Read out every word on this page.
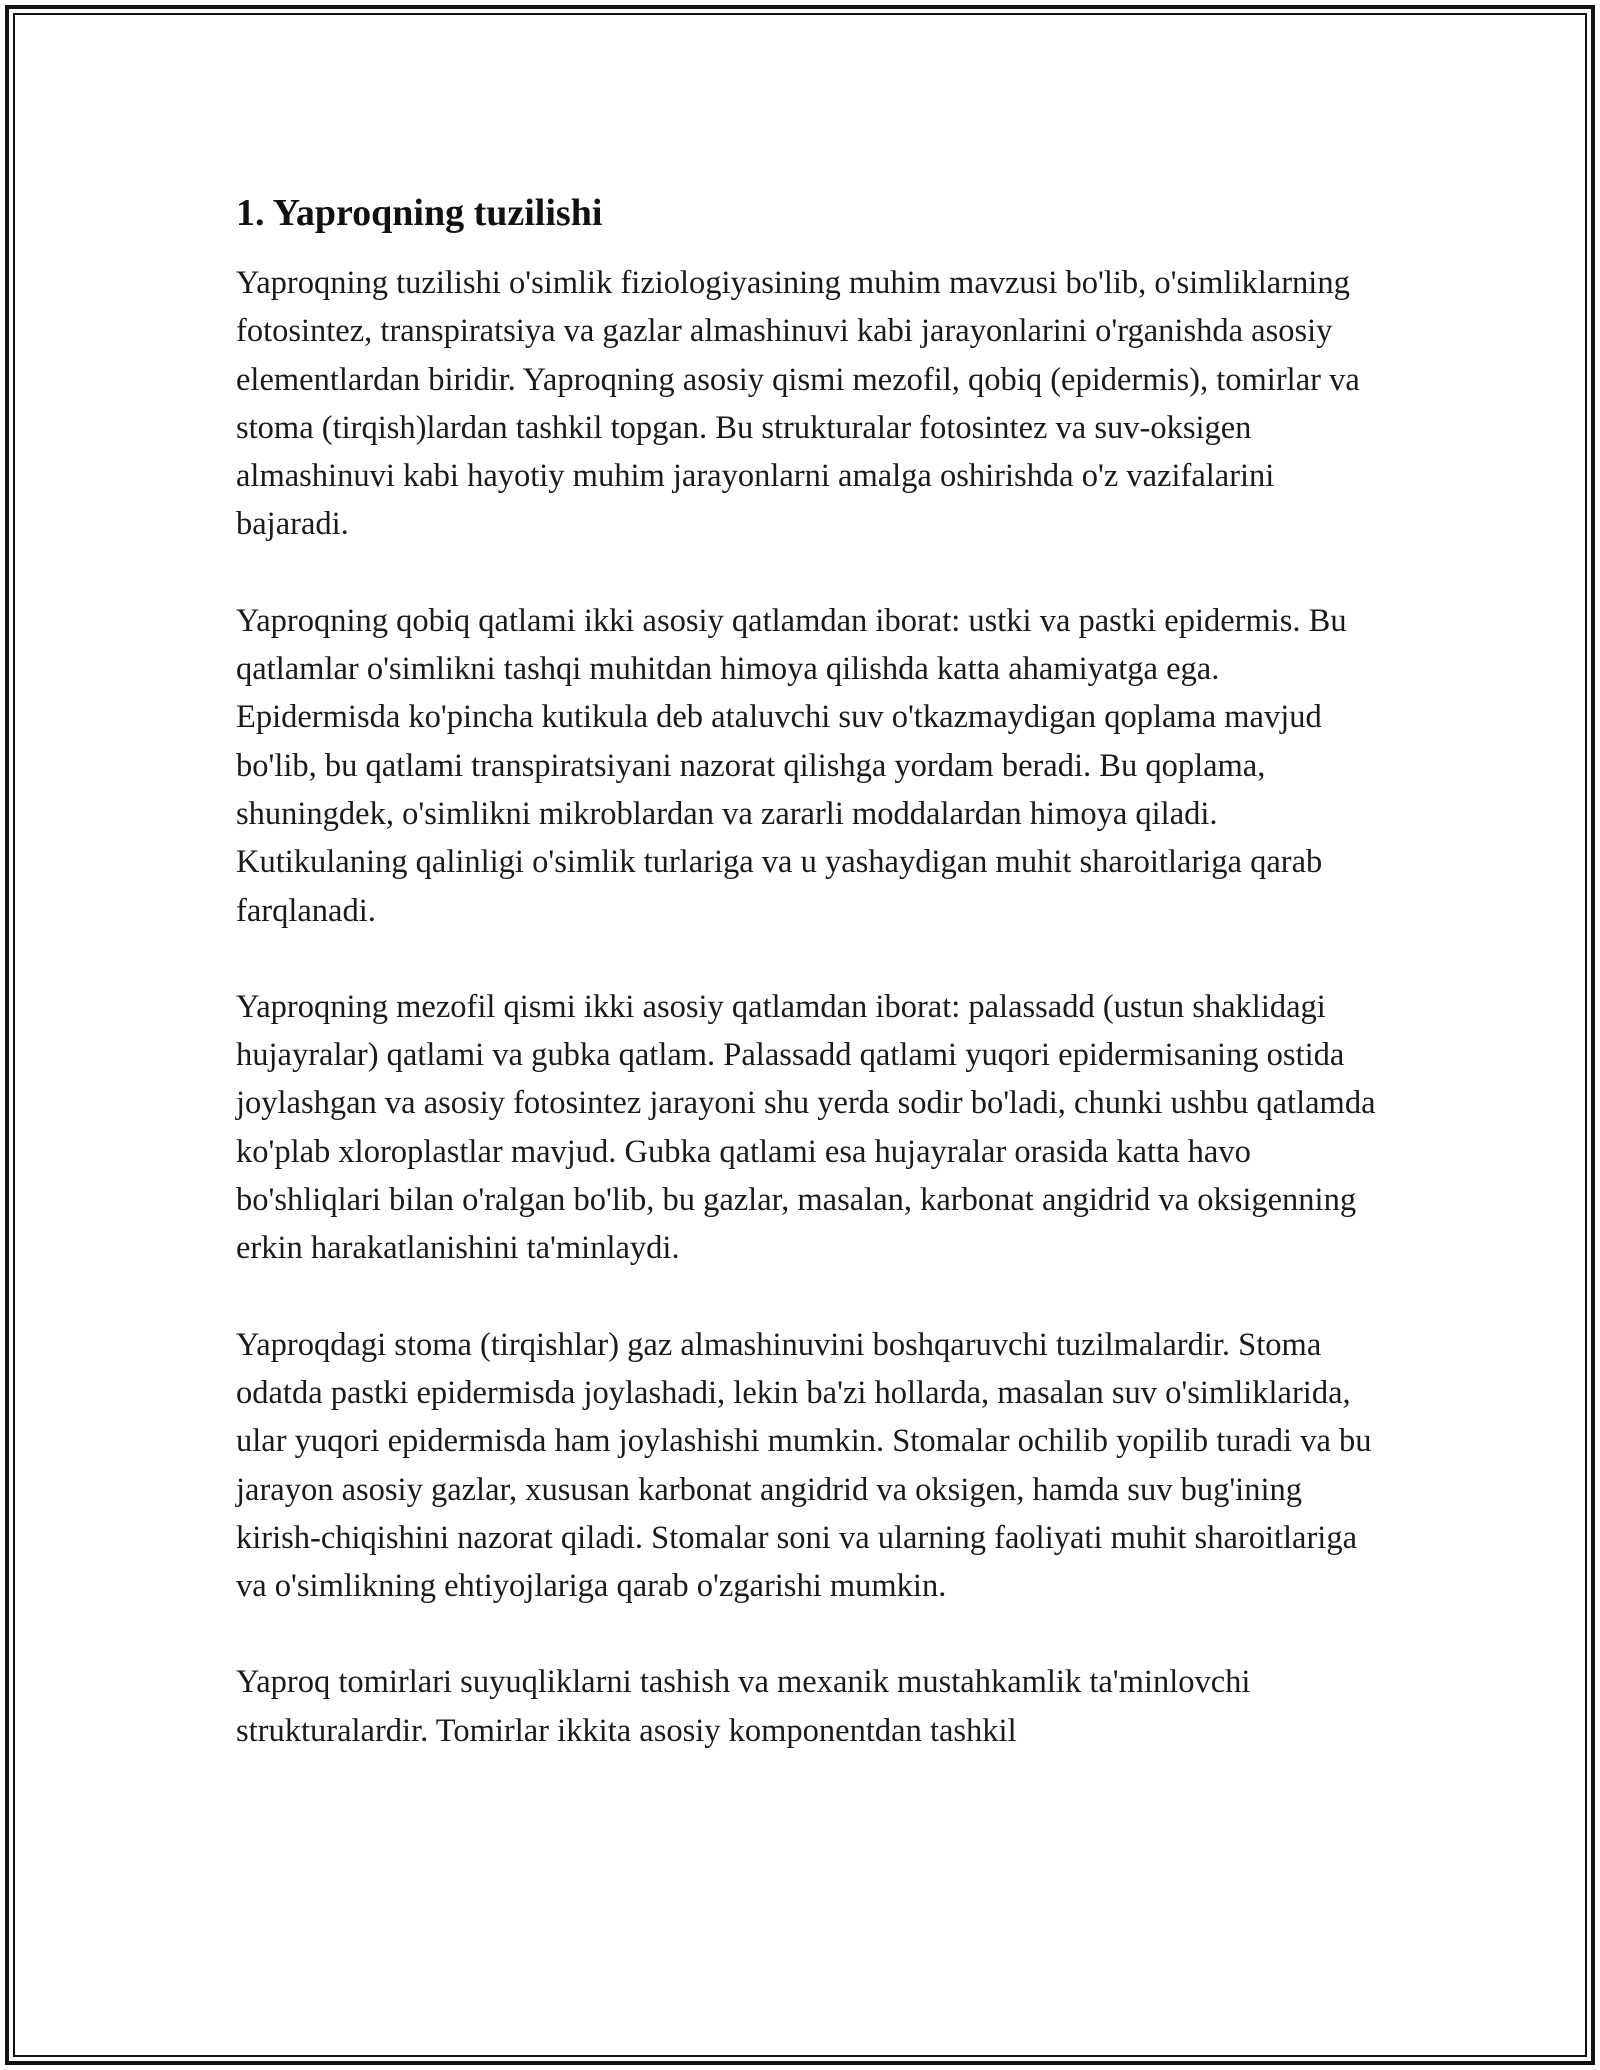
1. Yaproqning tuzilishi

Yaproqning tuzilishi o'simlik fiziologiyasining muhim mavzusi bo'lib, o'simliklarning fotosintez, transpiratsiya va gazlar almashinuvi kabi jarayonlarini o'rganishda asosiy elementlardan biridir. Yaproqning asosiy qismi mezofil, qobiq (epidermis), tomirlar va stoma (tirqish)lardan tashkil topgan. Bu strukturalar fotosintez va suv-oksigen almashinuvi kabi hayotiy muhim jarayonlarni amalga oshirishda o'z vazifalarini bajaradi.

Yaproqning qobiq qatlami ikki asosiy qatlamdan iborat: ustki va pastki epidermis. Bu qatlamlar o'simlikni tashqi muhitdan himoya qilishda katta ahamiyatga ega. Epidermisda ko'pincha kutikula deb ataluvchi suv o'tkazmaydigan qoplama mavjud bo'lib, bu qatlami transpiratsiyani nazorat qilishga yordam beradi. Bu qoplama, shuningdek, o'simlikni mikroblardan va zararli moddalardan himoya qiladi. Kutikulaning qalinligi o'simlik turlariga va u yashaydigan muhit sharoitlariga qarab farqlanadi.

Yaproqning mezofil qismi ikki asosiy qatlamdan iborat: palassadd (ustun shaklidagi hujayralar) qatlami va gubka qatlam. Palassadd qatlami yuqori epidermisaning ostida joylashgan va asosiy fotosintez jarayoni shu yerda sodir bo'ladi, chunki ushbu qatlamda ko'plab xloroplastlar mavjud. Gubka qatlami esa hujayralar orasida katta havo bo'shliqlari bilan o'ralgan bo'lib, bu gazlar, masalan, karbonat angidrid va oksigenning erkin harakatlanishini ta'minlaydi.

Yaproqdagi stoma (tirqishlar) gaz almashinuvini boshqaruvchi tuzilmalardir. Stoma odatda pastki epidermisda joylashadi, lekin ba'zi hollarda, masalan suv o'simliklarida, ular yuqori epidermisda ham joylashishi mumkin. Stomalar ochilib yopilib turadi va bu jarayon asosiy gazlar, xususan karbonat angidrid va oksigen, hamda suv bug'ining kirish-chiqishini nazorat qiladi. Stomalar soni va ularning faoliyati muhit sharoitlariga va o'simlikning ehtiyojlariga qarab o'zgarishi mumkin.

Yaproq tomirlari suyuqliklarni tashish va mexanik mustahkamlik ta'minlovchi strukturalardir. Tomirlar ikkita asosiy komponentdan tashkil
